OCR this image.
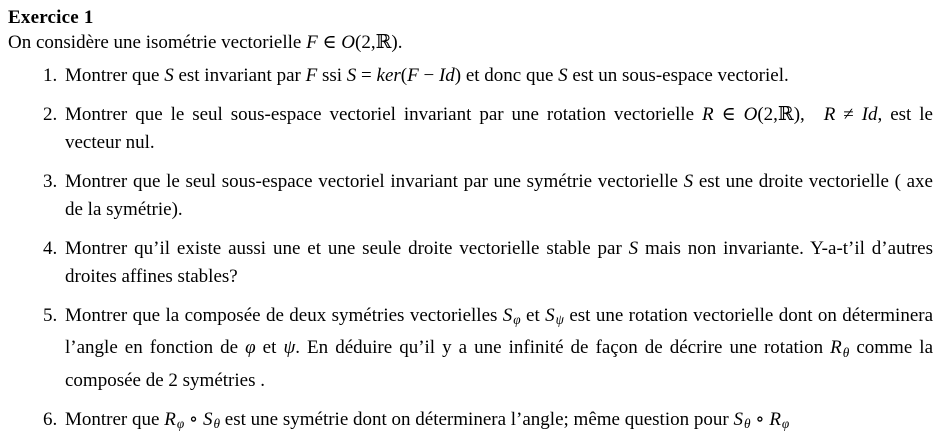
Exercice 1

On considère une isométrie vectorielle F ∈ O(2,ℝ).

1. Montrer que S est invariant par F ssi S = ker(F − Id) et donc que S est un sous-espace vectoriel.
2. Montrer que le seul sous-espace vectoriel invariant par une rotation vectorielle R ∈ O(2,ℝ),  R ≠ Id, est le vecteur nul.
3. Montrer que le seul sous-espace vectoriel invariant par une symétrie vectorielle S est une droite vectorielle ( axe de la symétrie).
4. Montrer qu’il existe aussi une et une seule droite vectorielle stable par S mais non invariante. Y-a-t’il d’autres droites affines stables?
5. Montrer que la composée de deux symétries vectorielles Sφ et Sψ est une rotation vectorielle dont on déterminera l’angle en fonction de φ et ψ. En déduire qu’il y a une infinité de façon de décrire une rotation Rθ comme la composée de 2 symétries .
6. Montrer que Rφ ∘ Sθ est une symétrie dont on déterminera l’angle; même question pour Sθ ∘ Rφ
